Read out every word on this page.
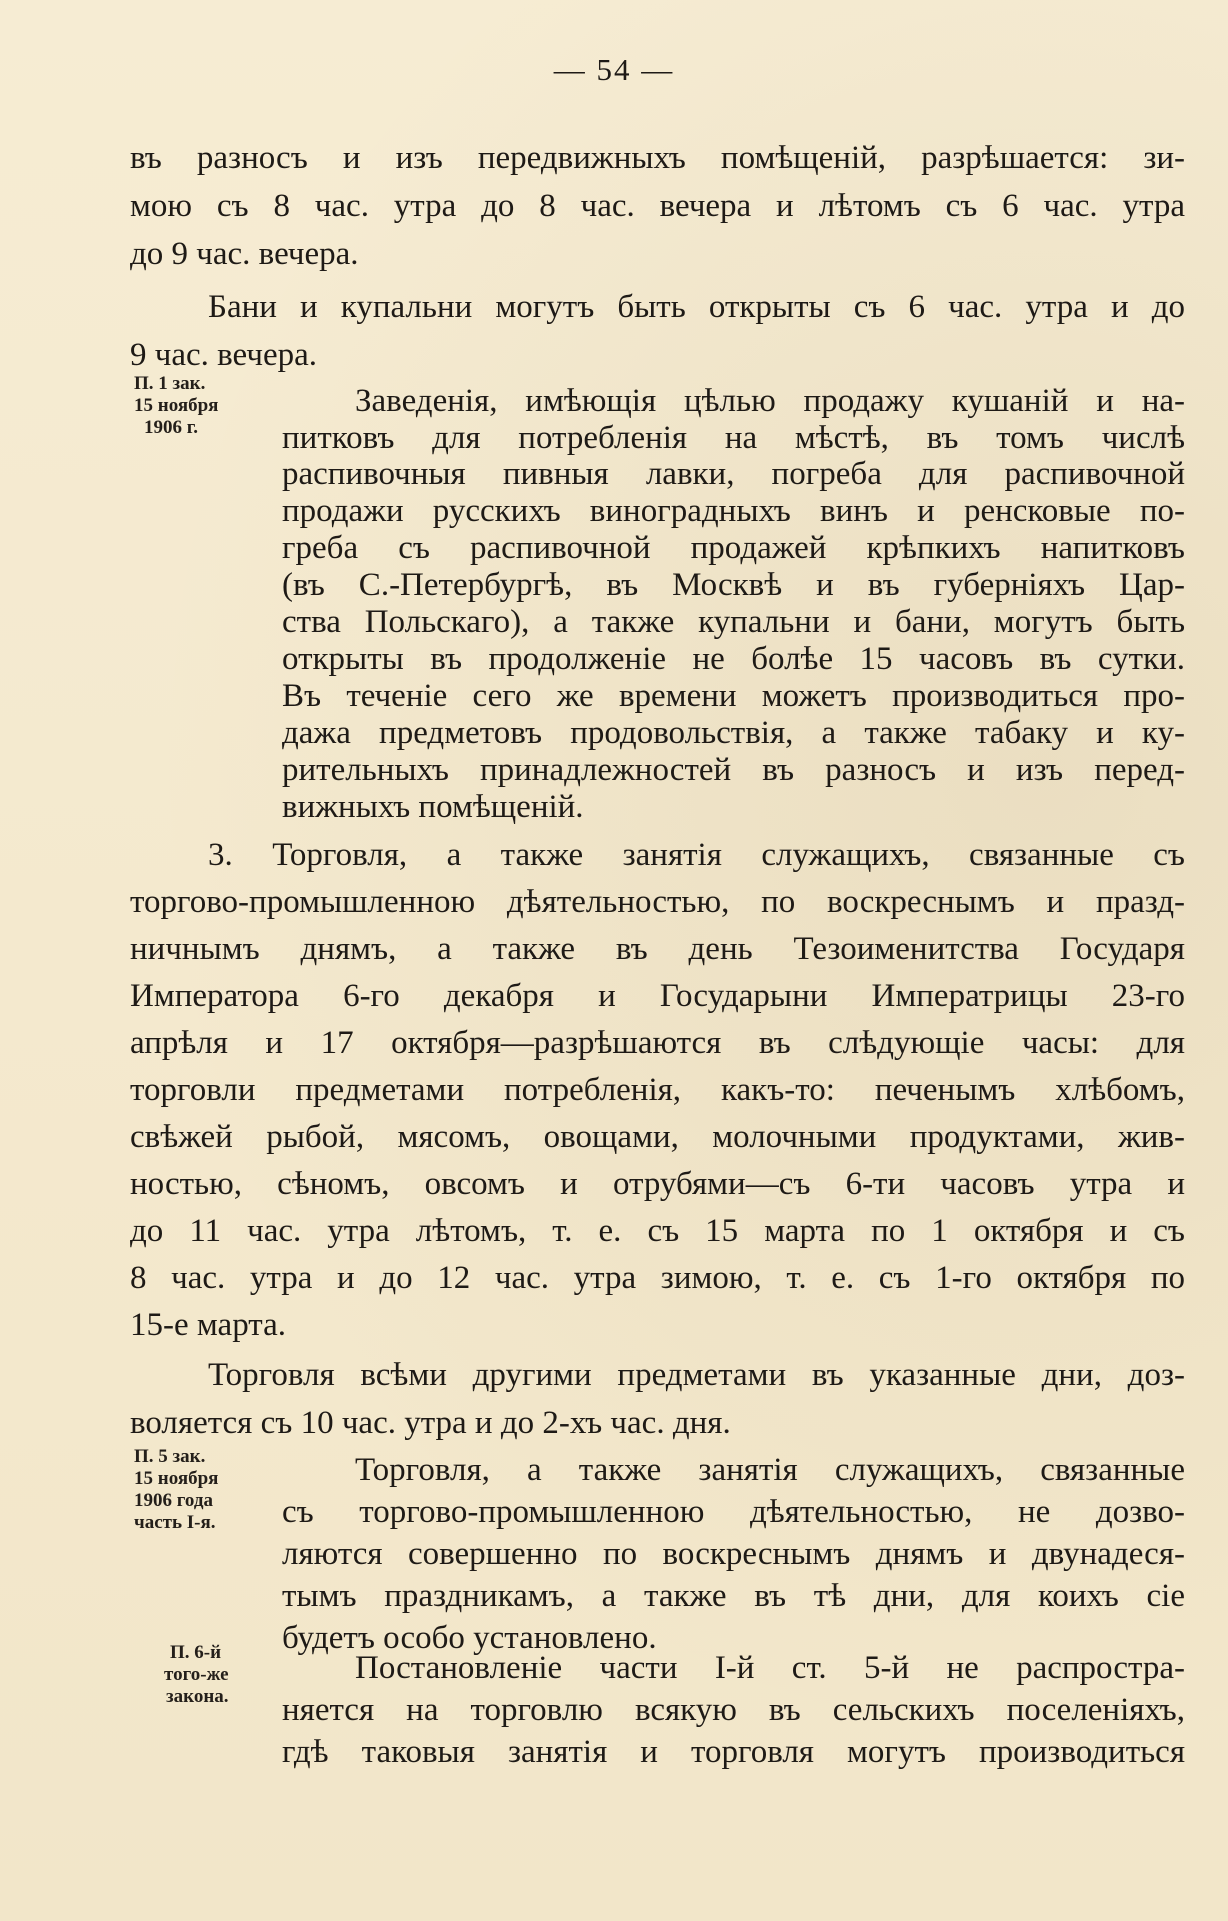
— 54 —
въ разносъ и изъ передвижныхъ помѣщеній, разрѣшается: зи-
мою съ 8 час. утра до 8 час. вечера и лѣтомъ съ 6 час. утра
до 9 час. вечера.
Бани и купальни могутъ быть открыты съ 6 час. утра и до
9 час. вечера.
П. 1 зак.
15 ноября
1906 г.
Заведенія, имѣющія цѣлью продажу кушаній и на-
питковъ для потребленія на мѣстѣ, въ томъ числѣ
распивочныя пивныя лавки, погреба для распивочной
продажи русскихъ виноградныхъ винъ и ренсковые по-
греба съ распивочной продажей крѣпкихъ напитковъ
(въ С.-Петербургѣ, въ Москвѣ и въ губерніяхъ Цар-
ства Польскаго), а также купальни и бани, могутъ быть
открыты въ продолженіе не болѣе 15 часовъ въ сутки.
Въ теченіе сего же времени можетъ производиться про-
дажа предметовъ продовольствія, а также табаку и ку-
рительныхъ принадлежностей въ разносъ и изъ перед-
вижныхъ помѣщеній.
3. Торговля, а также занятія служащихъ, связанные съ
торгово-промышленною дѣятельностью, по воскреснымъ и празд-
ничнымъ днямъ, а также въ день Тезоименитства Государя
Императора 6-го декабря и Государыни Императрицы 23-го
апрѣля и 17 октября—разрѣшаются въ слѣдующіе часы: для
торговли предметами потребленія, какъ-то: печенымъ хлѣбомъ,
свѣжей рыбой, мясомъ, овощами, молочными продуктами, жив-
ностью, сѣномъ, овсомъ и отрубями—съ 6-ти часовъ утра и
до 11 час. утра лѣтомъ, т. е. съ 15 марта по 1 октября и съ
8 час. утра и до 12 час. утра зимою, т. е. съ 1-го октября по
15-е марта.
Торговля всѣми другими предметами въ указанные дни, доз-
воляется съ 10 час. утра и до 2-хъ час. дня.
П. 5 зак.
15 ноября
1906 года
часть I-я.
Торговля, а также занятія служащихъ, связанные
съ торгово-промышленною дѣятельностью, не дозво-
ляются совершенно по воскреснымъ днямъ и двунадеся-
тымъ праздникамъ, а также въ тѣ дни, для коихъ сіе
будетъ особо установлено.
П. 6-й
того-же
закона.
Постановленіе части I-й ст. 5-й не распростра-
няется на торговлю всякую въ сельскихъ поселеніяхъ,
гдѣ таковыя занятія и торговля могутъ производиться
